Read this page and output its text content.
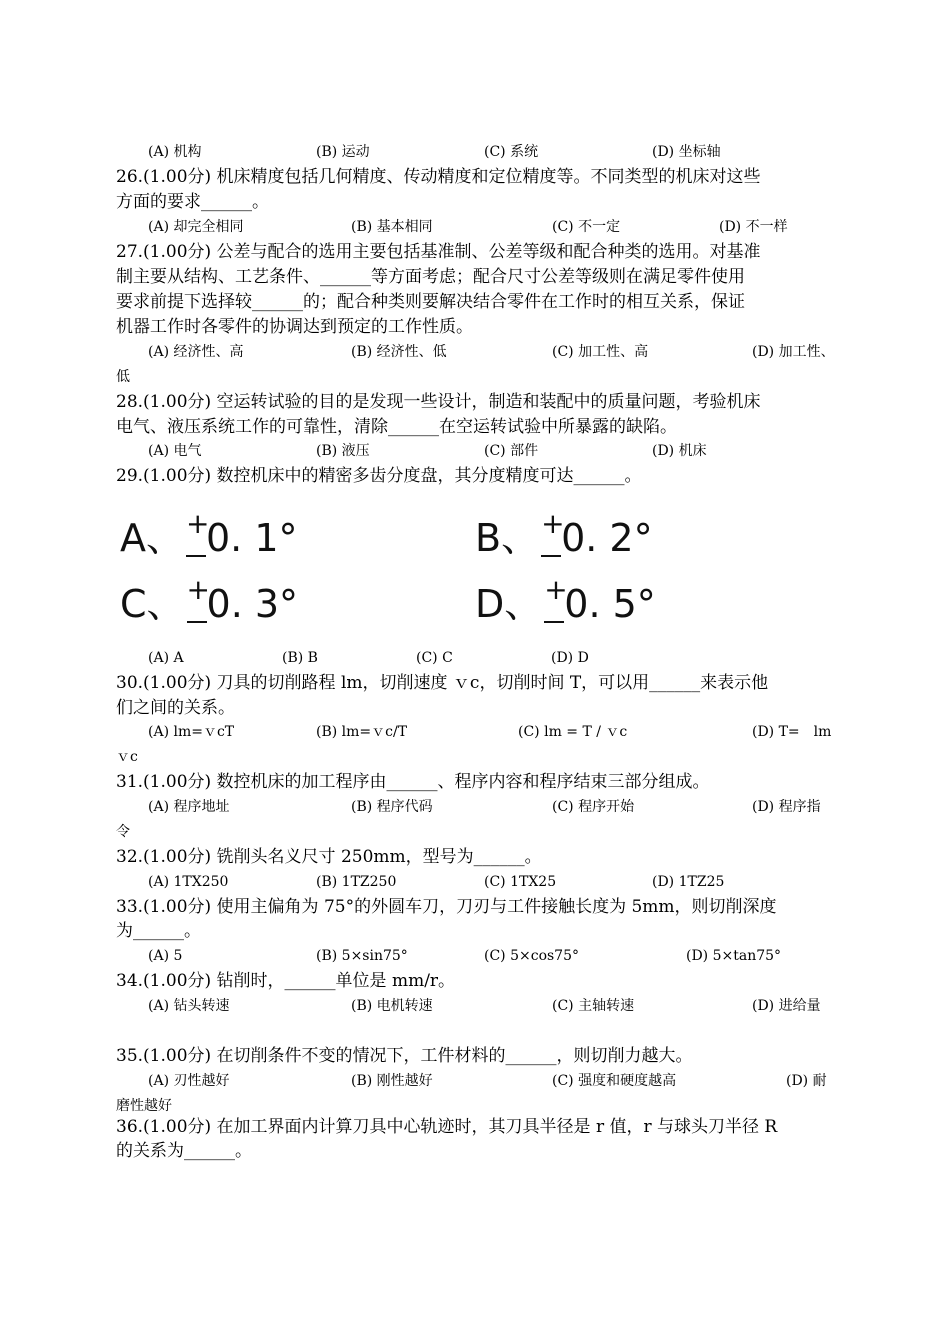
(A) 机构	(B) 运动	(C) 系统	(D) 坐标轴
26.(1.00分) 机床精度包括几何精度、传动精度和定位精度等。不同类型的机床对这些
方面的要求______。
(A) 却完全相同	(B) 基本相同	(C) 不一定	(D) 不一样
27.(1.00分) 公差与配合的选用主要包括基准制、公差等级和配合种类的选用。对基准
制主要从结构、工艺条件、______等方面考虑；配合尺寸公差等级则在满足零件使用
要求前提下选择较______的；配合种类则要解决结合零件在工作时的相互关系，保证
机器工作时各零件的协调达到预定的工作性质。
(A) 经济性、高	(B) 经济性、低	(C) 加工性、高	(D) 加工性、
低
28.(1.00分) 空运转试验的目的是发现一些设计，制造和装配中的质量问题，考验机床
电气、液压系统工作的可靠性，清除______在空运转试验中所暴露的缺陷。
(A) 电气	(B) 液压	(C) 部件	(D) 机床
29.(1.00分) 数控机床中的精密多齿分度盘，其分度精度可达______。
A、 +
0. 1°	B、 +
0. 2°
C、 +
0. 3°	D、 +
0. 5°
(A) A	(B) B	(C) C	(D) D
30.(1.00分) 刀具的切削路程 lm，切削速度 ｖc，切削时间 T，可以用______来表示他
们之间的关系。
(A) lm=ｖcT	(B) lm=ｖc/T	(C) lm = T / ｖc	(D) T=　lm
ｖc
31.(1.00分) 数控机床的加工程序由______、程序内容和程序结束三部分组成。
(A) 程序地址	(B) 程序代码	(C) 程序开始	(D) 程序指
令
32.(1.00分) 铣削头名义尺寸 250mm，型号为______。
(A) 1TX250	(B) 1TZ250	(C) 1TX25	(D) 1TZ25
33.(1.00分) 使用主偏角为 75°的外圆车刀，刀刃与工件接触长度为 5mm，则切削深度
为______。
(A) 5	(B) 5×sin75°	(C) 5×cos75°	(D) 5×tan75°
34.(1.00分) 钻削时，______单位是 mm/r。
(A) 钻头转速	(B) 电机转速	(C) 主轴转速	(D) 进给量
35.(1.00分) 在切削条件不变的情况下，工件材料的______，则切削力越大。
(A) 刃性越好	(B) 刚性越好	(C) 强度和硬度越高	(D) 耐
磨性越好
36.(1.00分) 在加工界面内计算刀具中心轨迹时，其刀具半径是 r 值，r 与球头刀半径 R
的关系为______。
